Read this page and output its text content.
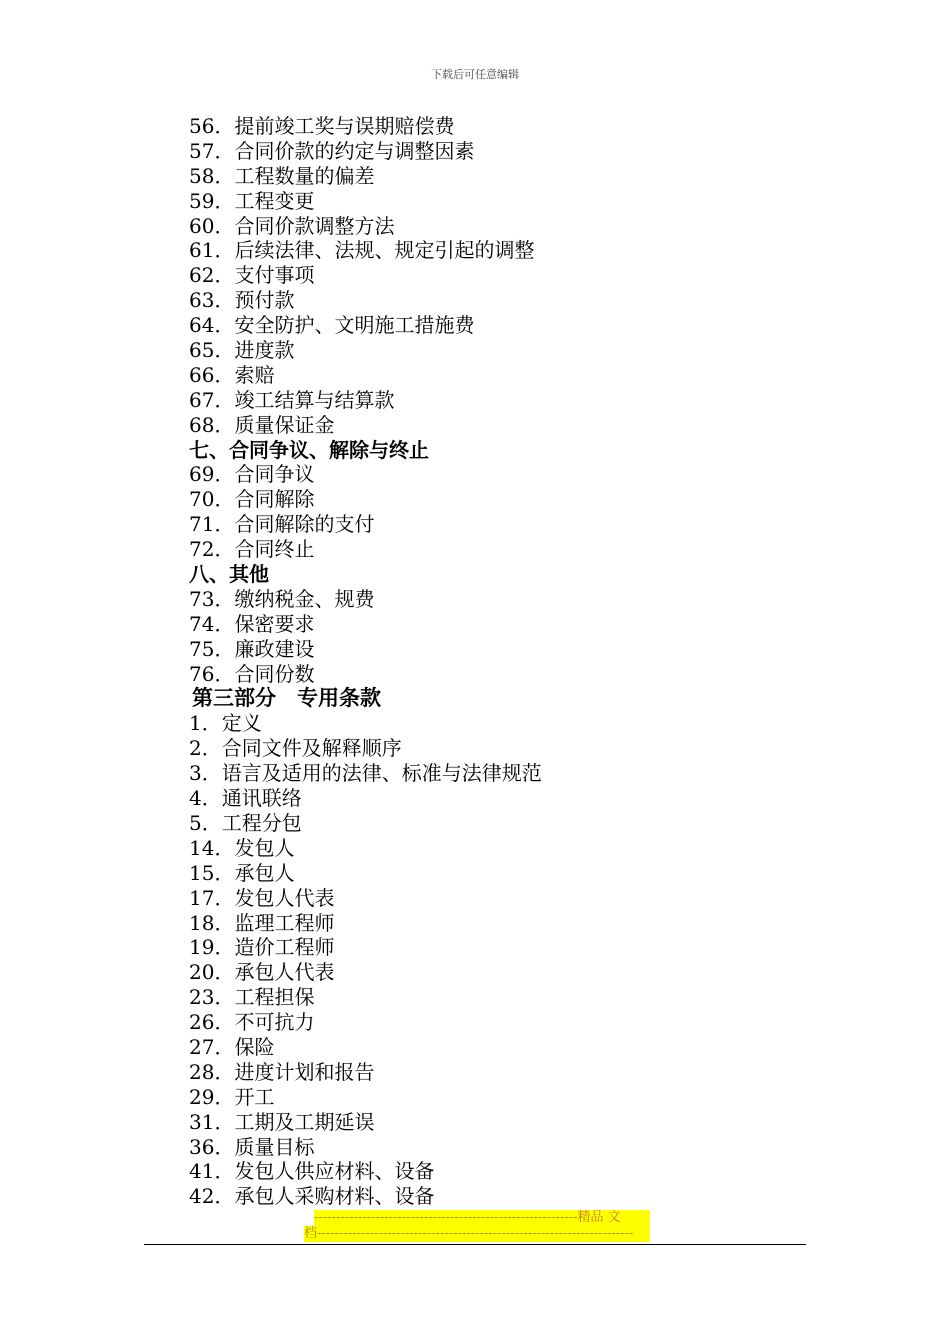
下载后可任意编辑
56．提前竣工奖与误期赔偿费
57．合同价款的约定与调整因素
58．工程数量的偏差
59．工程变更
60．合同价款调整方法
61．后续法律、法规、规定引起的调整
62．支付事项
63．预付款
64．安全防护、文明施工措施费
65．进度款
66．索赔
67．竣工结算与结算款
68．质量保证金
七、合同争议、解除与终止
69．合同争议
70．合同解除
71．合同解除的支付
72．合同终止
八、其他
73．缴纳税金、规费
74．保密要求
75．廉政建设
76．合同份数
第三部分　专用条款
1．定义
2．合同文件及解释顺序
3．语言及适用的法律、标准与法律规范
4．通讯联络
5．工程分包
14．发包人
15．承包人
17．发包人代表
18．监理工程师
19．造价工程师
20．承包人代表
23．工程担保
26．不可抗力
27．保险
28．进度计划和报告
29．开工
31．工期及工期延误
36．质量目标
41．发包人供应材料、设备
42．承包人采购材料、设备
------------------------------------------------------------精品 文
档------------------------------------------------------------------------
